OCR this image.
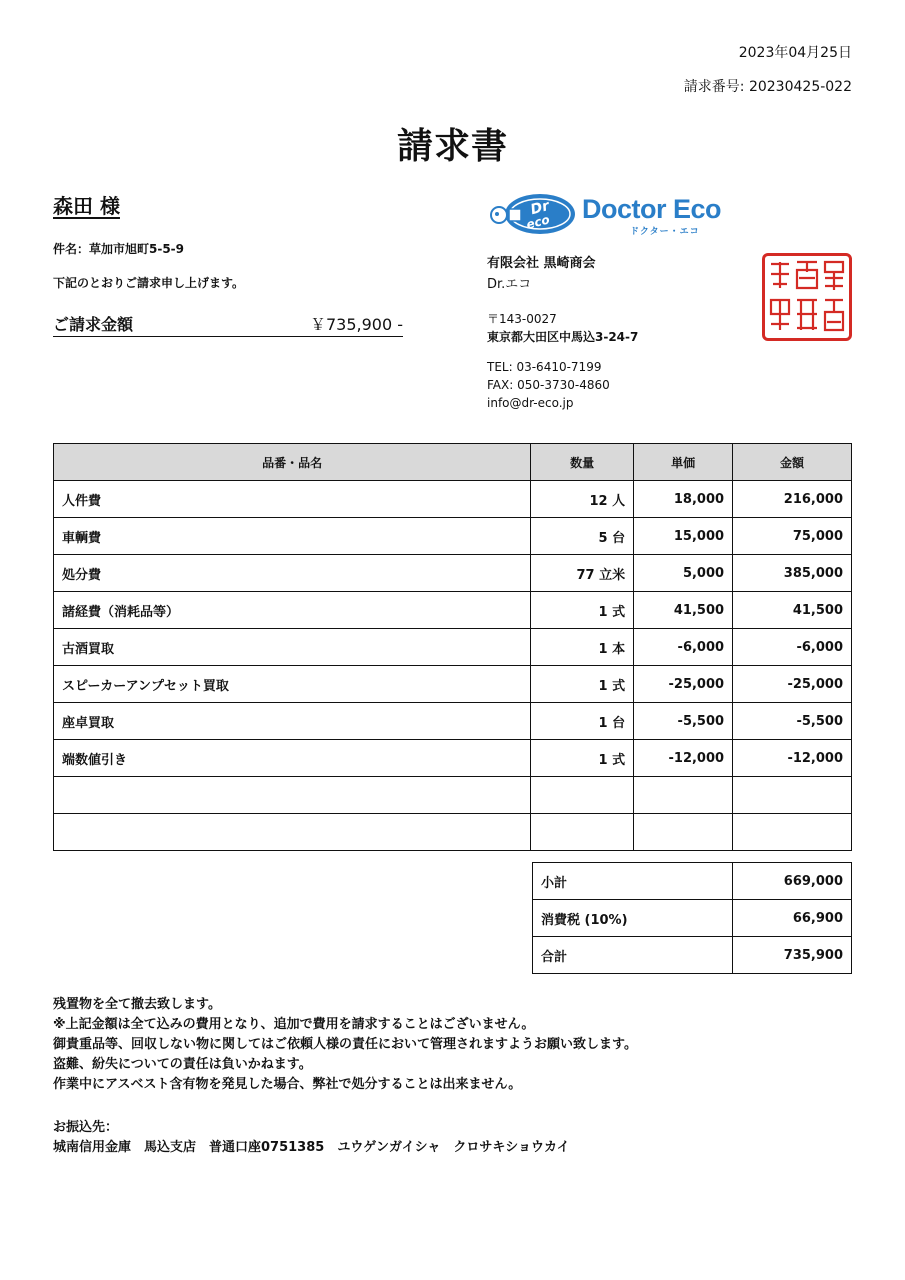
2023年04月25日
請求番号: 20230425-022
請求書
森田 様
件名：草加市旭町5-5-9
下記のとおりご請求申し上げます。
ご請求金額	￥735,900 -
Dr
eco Doctor Eco
ドクター・エコ
有限会社 黒崎商会
Dr.エコ
〒143-0027
東京都大田区中馬込3-24-7
TEL: 03-6410-7199
FAX: 050-3730-4860
info@dr-eco.jp
品番・品名	数量	単価	金額
人件費	12 人	18,000	216,000
車輌費	5 台	15,000	75,000
処分費	77 立米	5,000	385,000
諸経費（消耗品等）	1 式	41,500	41,500
古酒買取	1 本	-6,000	-6,000
スピーカーアンプセット買取	1 式	-25,000	-25,000
座卓買取	1 台	-5,500	-5,500
端数値引き	1 式	-12,000	-12,000

小計	669,000
消費税 (10%)	66,900
合計	735,900
残置物を全て撤去致します。
※上記金額は全て込みの費用となり、追加で費用を請求することはございません。
御貴重品等、回収しない物に関してはご依頼人様の責任において管理されますようお願い致します。
盗難、紛失についての責任は負いかねます。
作業中にアスベスト含有物を発見した場合、弊社で処分することは出来ません。
お振込先：
城南信用金庫　馬込支店　普通口座0751385　ユウゲンガイシャ　クロサキショウカイ
